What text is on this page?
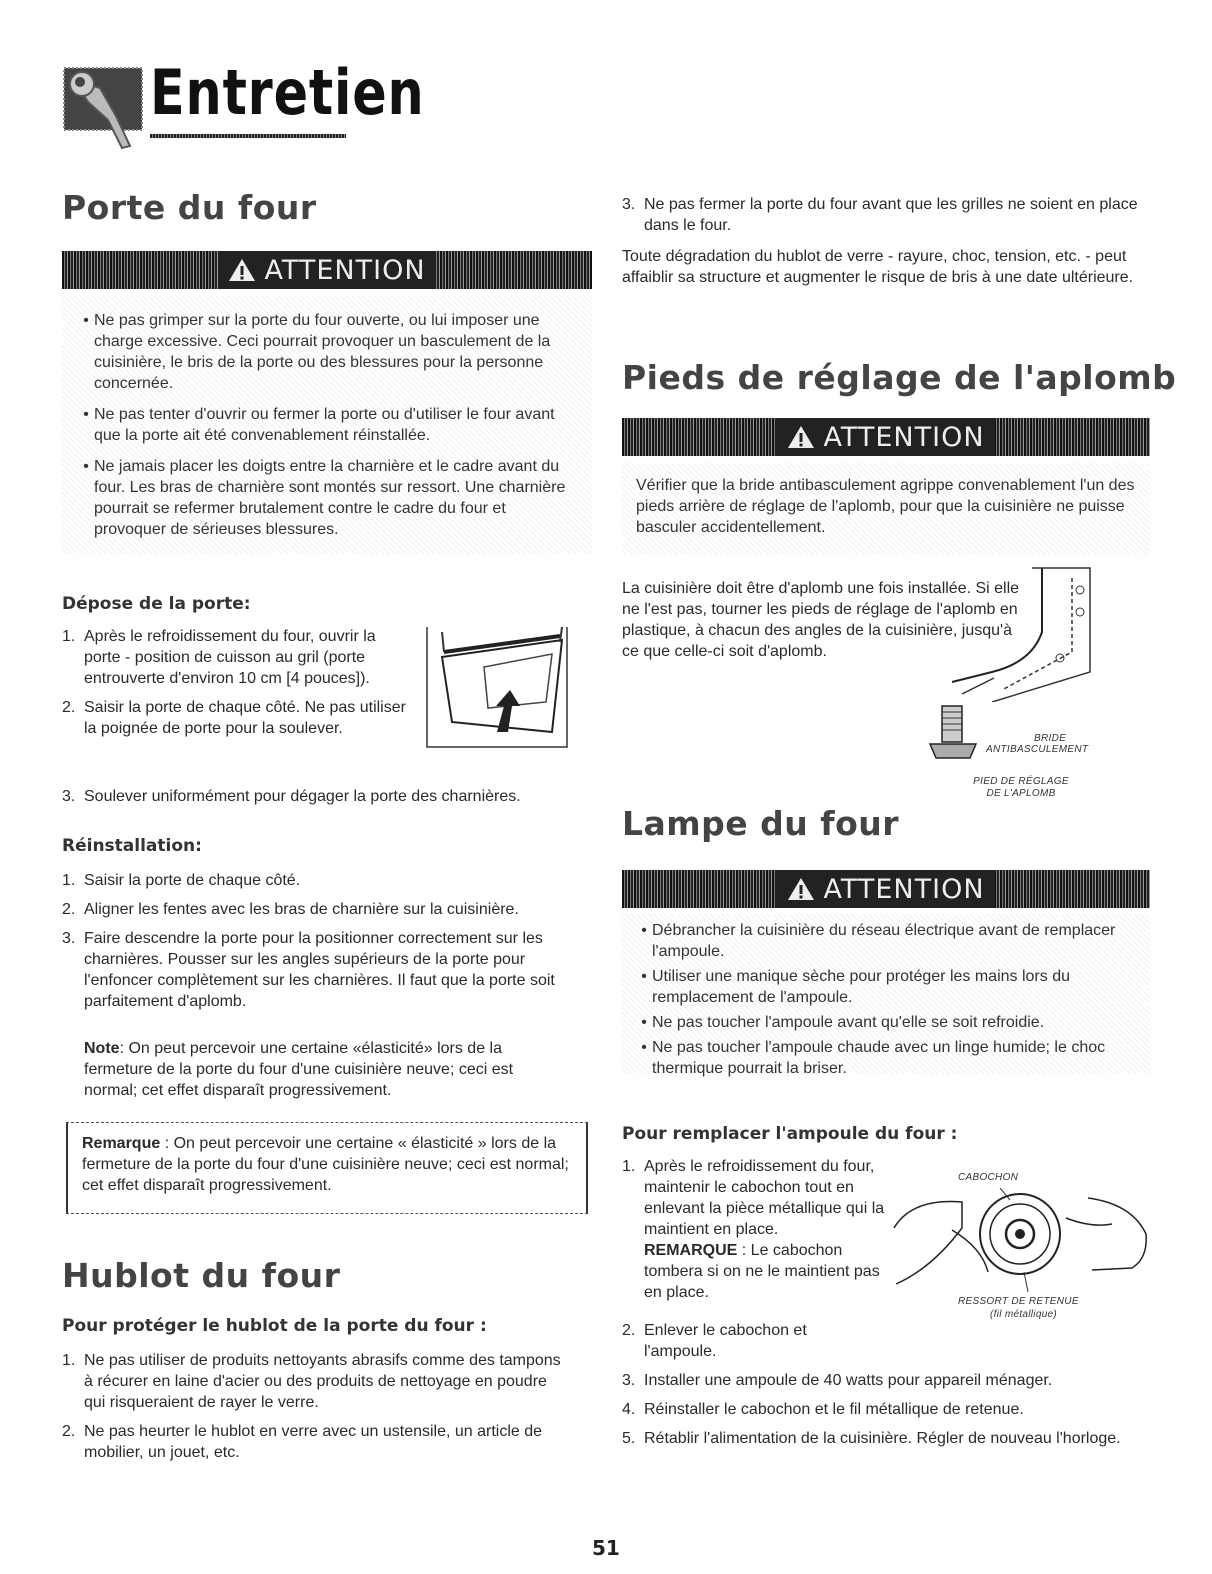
Entretien
Porte du four
ATTENTION
• Ne pas grimper sur la porte du four ouverte, ou lui imposer une charge excessive. Ceci pourrait provoquer un basculement de la cuisinière, le bris de la porte ou des blessures pour la personne concernée.

• Ne pas tenter d'ouvrir ou fermer la porte ou d'utiliser le four avant que la porte ait été convenablement réinstallée.

• Ne jamais placer les doigts entre la charnière et le cadre avant du four. Les bras de charnière sont montés sur ressort. Une charnière pourrait se refermer brutalement contre le cadre du four et provoquer de sérieuses blessures.

Dépose de la porte:
1. Après le refroidissement du four, ouvrir la porte - position de cuisson au gril (porte entrouverte d'environ 10 cm [4 pouces]).
2. Saisir la porte de chaque côté. Ne pas utiliser la poignée de porte pour la soulever.
3. Soulever uniformément pour dégager la porte des charnières.
Réinstallation:
1. Saisir la porte de chaque côté.
2. Aligner les fentes avec les bras de charnière sur la cuisinière.
3. Faire descendre la porte pour la positionner correctement sur les charnières. Pousser sur les angles supérieurs de la porte pour l'enfoncer complètement sur les charnières. Il faut que la porte soit parfaitement d'aplomb.

Note: On peut percevoir une certaine «élasticité» lors de la fermeture de la porte du four d'une cuisinière neuve; ceci est normal; cet effet disparaît progressivement.

Remarque : On peut percevoir une certaine « élasticité » lors de la fermeture de la porte du four d'une cuisinière neuve; ceci est normal; cet effet disparaît progressivement.

Hublot du four
Pour protéger le hublot de la porte du four :
1. Ne pas utiliser de produits nettoyants abrasifs comme des tampons à récurer en laine d'acier ou des produits de nettoyage en poudre qui risqueraient de rayer le verre.
2. Ne pas heurter le hublot en verre avec un ustensile, un article de mobilier, un jouet, etc.
3. Ne pas fermer la porte du four avant que les grilles ne soient en place dans le four.

Toute dégradation du hublot de verre - rayure, choc, tension, etc. - peut affaiblir sa structure et augmenter le risque de bris à une date ultérieure.

Pieds de réglage de l'aplomb
ATTENTION

Vérifier que la bride antibasculement agrippe convenablement l'un des pieds arrière de réglage de l'aplomb, pour que la cuisinière ne puisse basculer accidentellement.

La cuisinière doit être d'aplomb une fois installée. Si elle ne l'est pas, tourner les pieds de réglage de l'aplomb en plastique, à chacun des angles de la cuisinière, jusqu'à ce que celle-ci soit d'aplomb.

BRIDE
ANTIBASCULEMENT
PIED DE RÉGLAGE
DE L'APLOMB
Lampe du four
ATTENTION
• Débrancher la cuisinière du réseau électrique avant de remplacer l'ampoule.

• Utiliser une manique sèche pour protéger les mains lors du remplacement de l'ampoule.

• Ne pas toucher l'ampoule avant qu'elle se soit refroidie.

• Ne pas toucher l'ampoule chaude avec un linge humide; le choc thermique pourrait la briser.

Pour remplacer l'ampoule du four :
1. Après le refroidissement du four, maintenir le cabochon tout en enlevant la pièce métallique qui la maintient en place.
REMARQUE : Le cabochon tombera si on ne le maintient pas en place.
2. Enlever le cabochon et l'ampoule.
3. Installer une ampoule de 40 watts pour appareil ménager.
4. Réinstaller le cabochon et le fil métallique de retenue.
5. Rétablir l'alimentation de la cuisinière. Régler de nouveau l'horloge.
CABOCHON
RESSORT DE RETENUE
(fil métallique)
51
